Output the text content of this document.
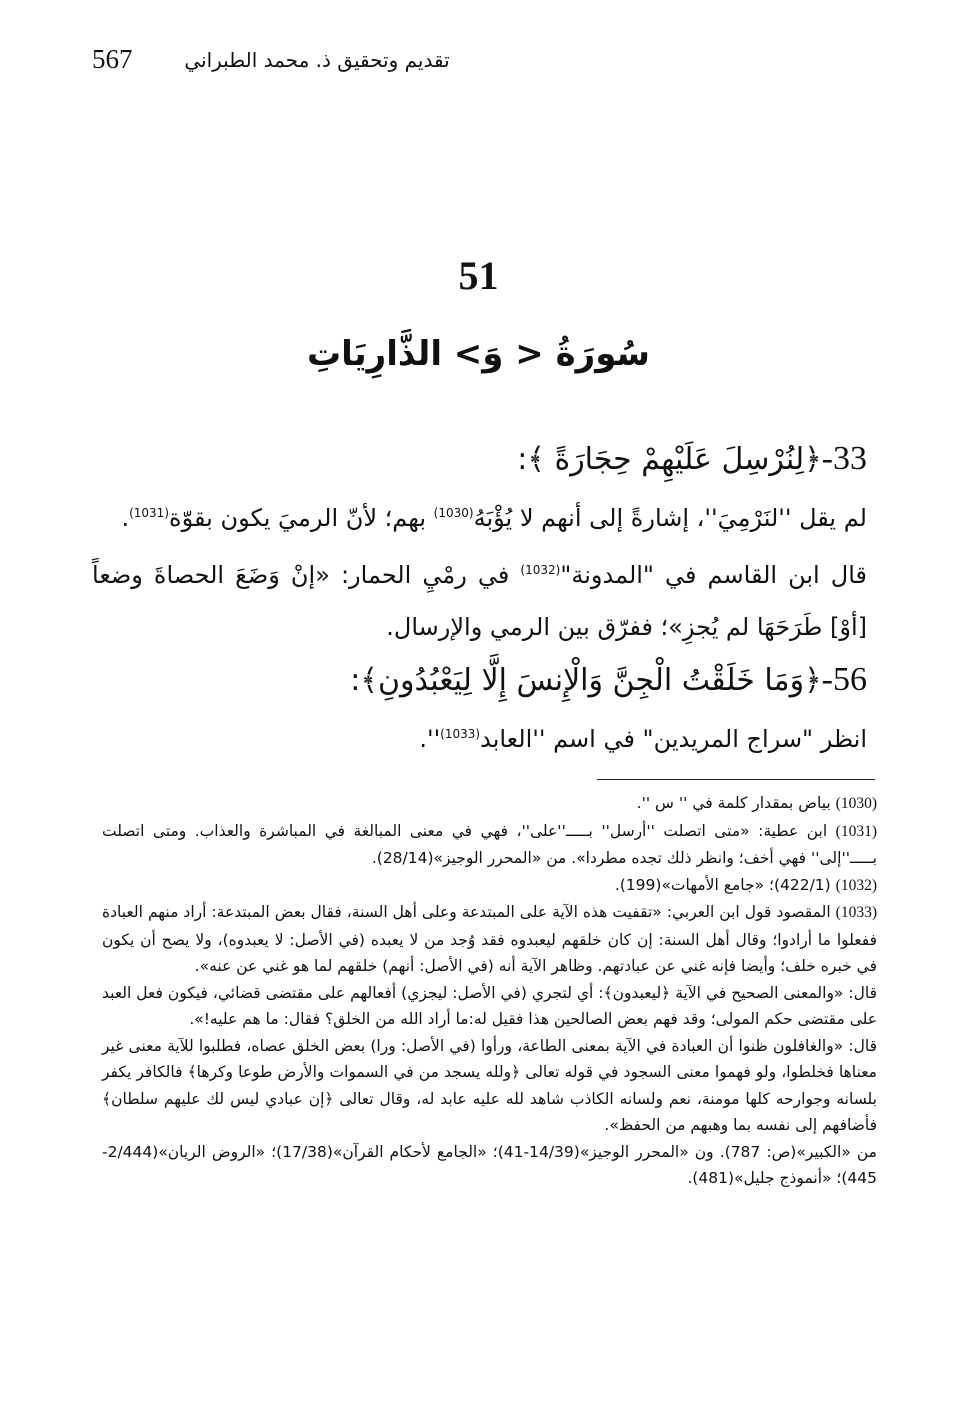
567	تقديم وتحقيق ذ. محمد الطبراني
51
سُورَةُ < وَ> الذَّارِيَاتِ

33-﴿لِنُرْسِلَ عَلَيْهِمْ حِجَارَةً ﴾:

لم يقل ''لنَرْمِيَ''، إشارةً إلى أنهم لا يُؤْبَهُ$^{(1030)}$ بهم؛ لأنّ الرميَ يكون بقوّة$^{(1031)}$.

قال ابن القاسم في "المدونة"$^{(1032)}$ في رمْيِ الحمار: «إنْ وَضَعَ الحصاةَ وضعاً [أوْ] طَرَحَهَا لم يُجزِ»؛ ففرّق بين الرمي والإرسال.

56-﴿وَمَا خَلَقْتُ الْجِنَّ وَالْإِنسَ إِلَّا لِيَعْبُدُونِ﴾:

انظر "سراج المريدين" في اسم ''العابد$^{(1033)}$''.

(1030) بياض بمقدار كلمة في '' س ''.

(1031) ابن عطية: «متى اتصلت ''أرسل'' بـــــ''على''، فهي في معنى المبالغة في المباشرة والعذاب. ومتى اتصلت بـــــ''إلى'' فهي أخف؛ وانظر ذلك تجده مطردا». من «المحرر الوجيز»(28/14).

(1032) (422/1)؛ «جامع الأمهات»(199).

(1033) المقصود قول ابن العربي: «تقفيت هذه الآية على المبتدعة وعلى أهل السنة، فقال بعض المبتدعة: أراد منهم العبادة ففعلوا ما أرادوا؛ وقال أهل السنة: إن كان خلقهم ليعبدوه فقد وُجد من لا يعبده (في الأصل: لا يعبدوه)، ولا يصح أن يكون في خبره خلف؛ وأيضا فإنه غني عن عبادتهم. وظاهر الآية أنه (في الأصل: أنهم) خلقهم لما هو غني عن عنه».

قال: «والمعنى الصحيح في الآية ﴿ليعبدون﴾: أي لتجري (في الأصل: ليجزي) أفعالهم على مقتضى قضائي، فيكون فعل العبد على مقتضى حكم المولى؛ وقد فهم بعض الصالحين هذا فقيل له:ما أراد الله من الخلق؟ فقال: ما هم عليه!».

قال: «والغافلون ظنوا أن العبادة في الآية بمعنى الطاعة، ورأوا (في الأصل: ورا) بعض الخلق عصاه، فطلبوا للآية معنى غير معناها فخلطوا، ولو فهموا معنى السجود في قوله تعالى ﴿ولله يسجد من في السموات والأرض طوعا وكرها﴾ فالكافر يكفر بلسانه وجوارحه كلها مومنة، نعم ولسانه الكاذب شاهد لله عليه عابد له، وقال تعالى ﴿إن عبادي ليس لك عليهم سلطان﴾ فأضافهم إلى نفسه بما وهبهم من الحفظ».

من «الكبير»(ص: 787). ون «المحرر الوجيز»(14/39-41)؛ «الجامع لأحكام القرآن»(17/38)؛ «الروض الريان»(2/444-445)؛ «أنموذج جليل»(481).
